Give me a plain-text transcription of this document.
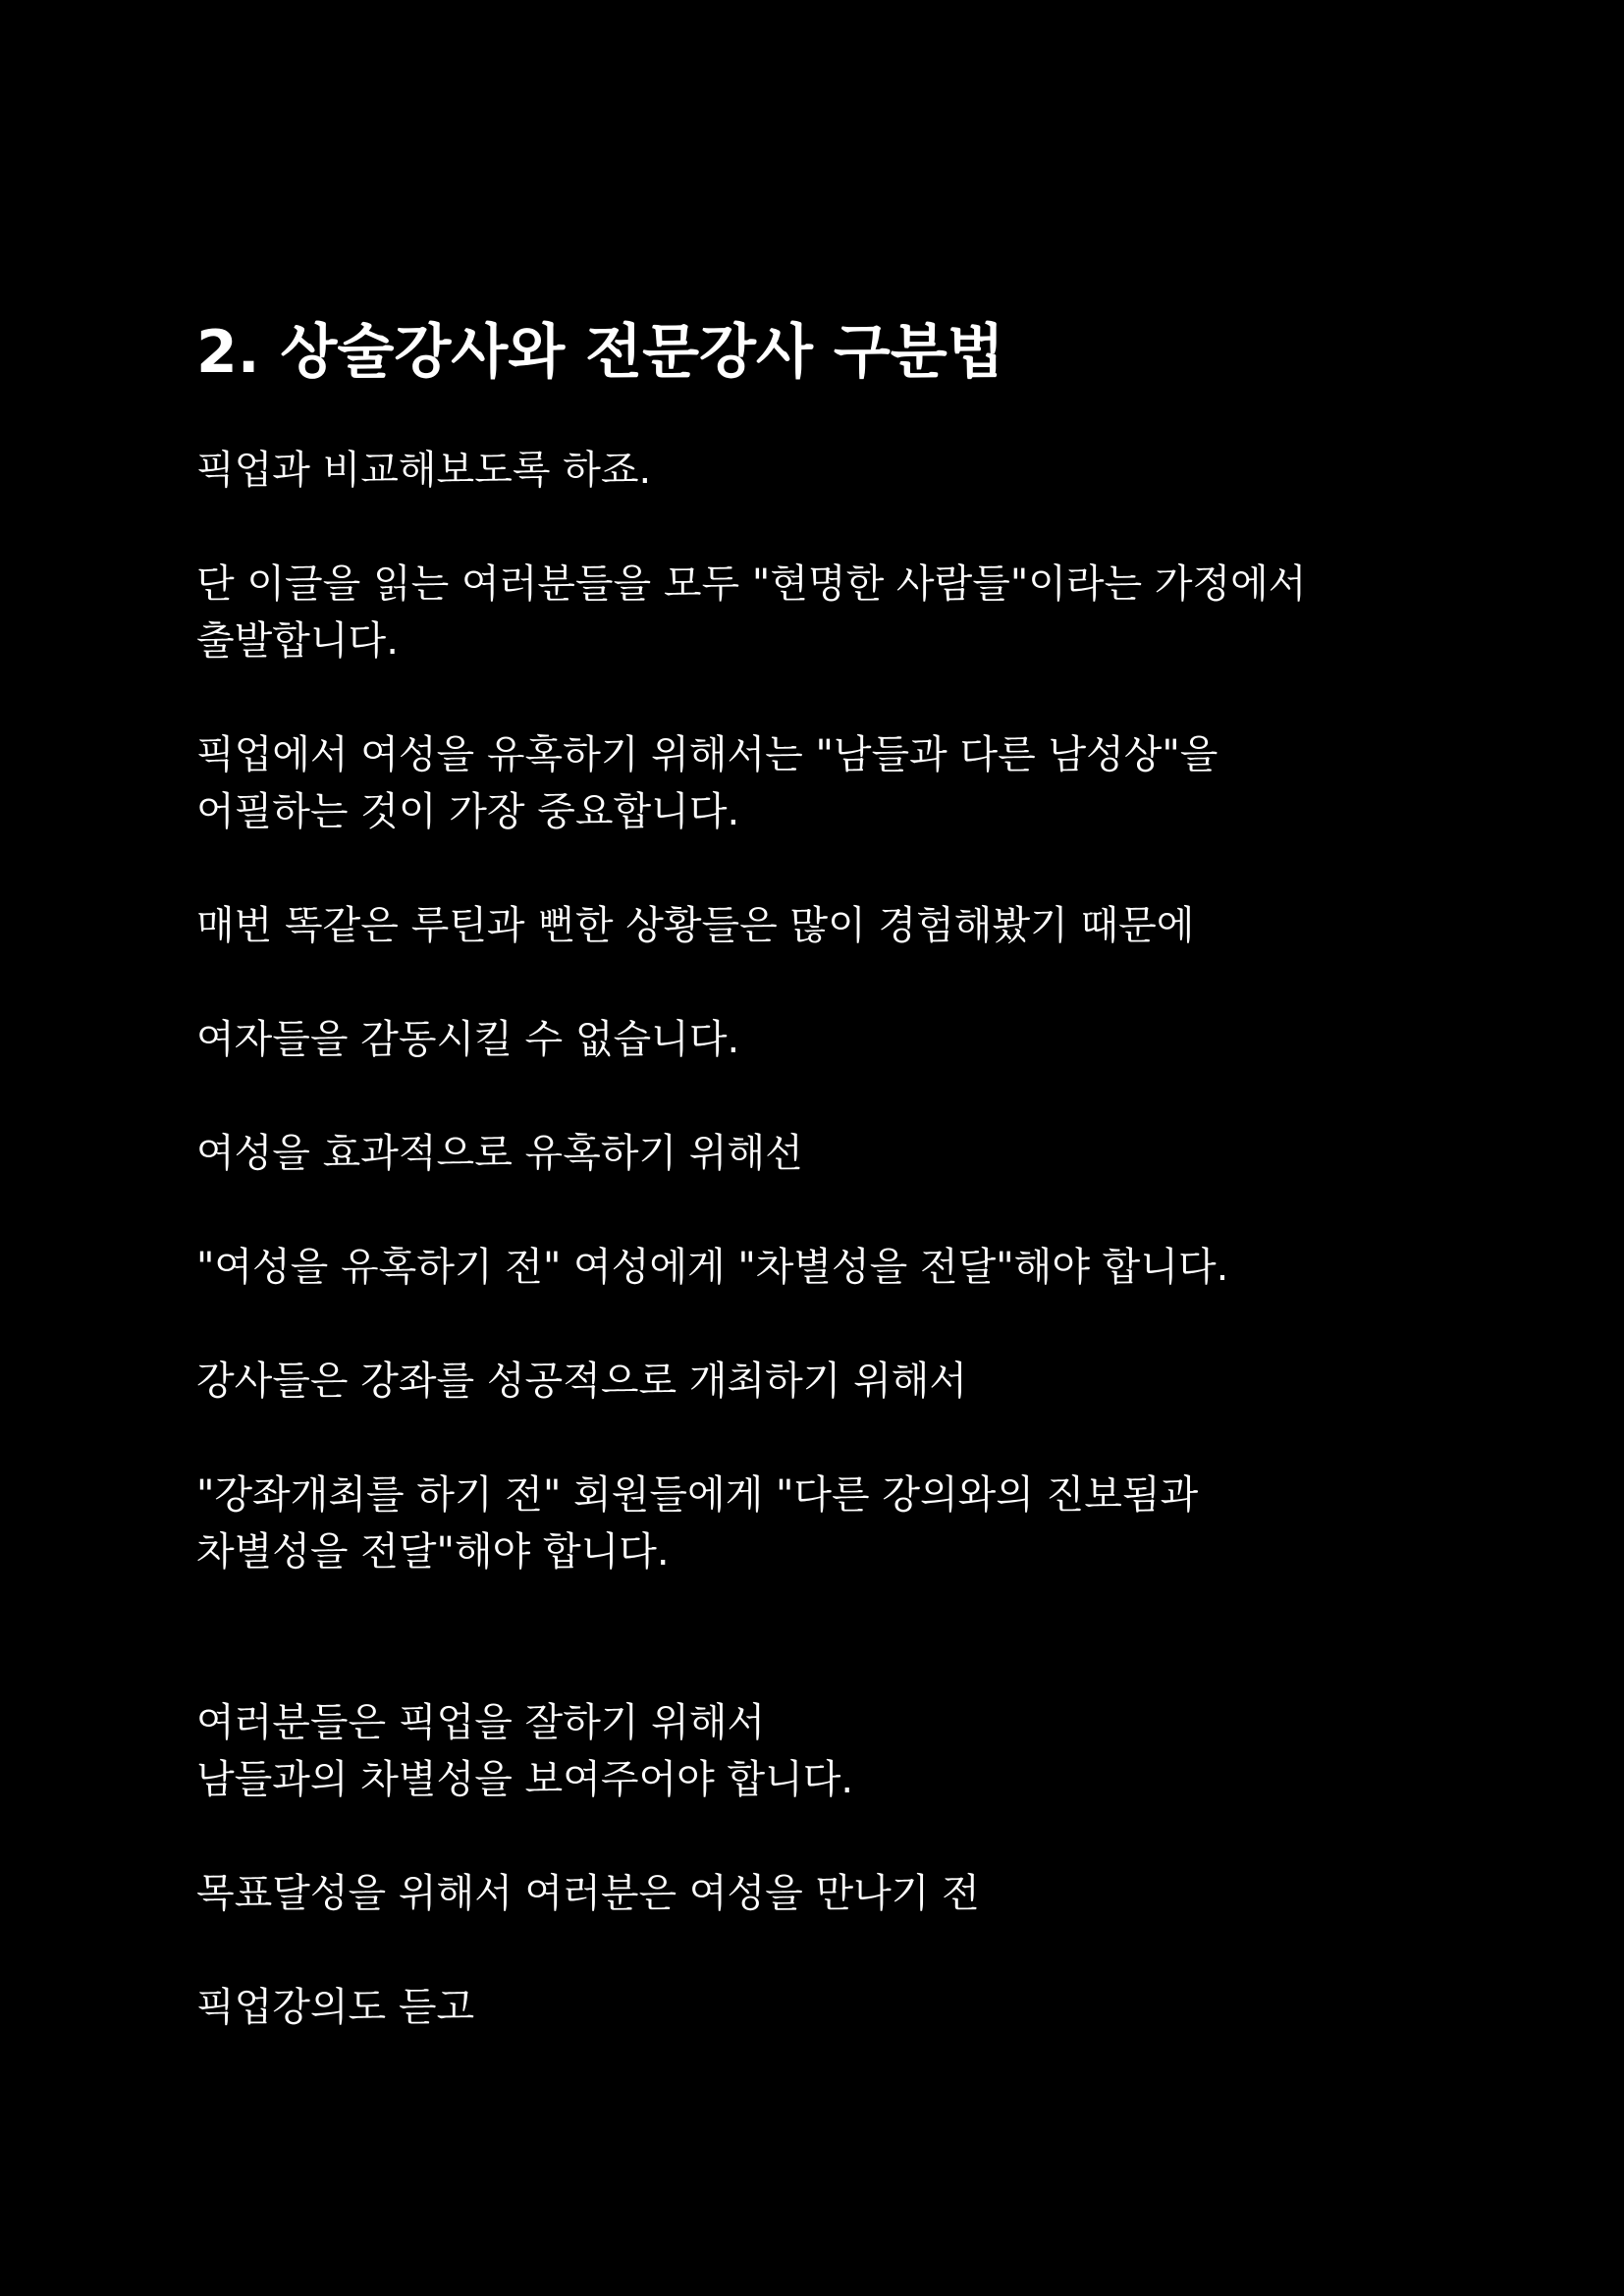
2. 상술강사와 전문강사 구분법

픽업과 비교해보도록 하죠.

단 이글을 읽는 여러분들을 모두 "현명한 사람들"이라는 가정에서

출발합니다.

픽업에서 여성을 유혹하기 위해서는 "남들과 다른 남성상"을

어필하는 것이 가장 중요합니다.

매번 똑같은 루틴과 뻔한 상황들은 많이 경험해봤기 때문에

여자들을 감동시킬 수 없습니다.

여성을 효과적으로 유혹하기 위해선

"여성을 유혹하기 전" 여성에게 "차별성을 전달"해야 합니다.

강사들은 강좌를 성공적으로 개최하기 위해서

"강좌개최를 하기 전" 회원들에게 "다른 강의와의 진보됨과

차별성을 전달"해야 합니다.

여러분들은 픽업을 잘하기 위해서

남들과의 차별성을 보여주어야 합니다.

목표달성을 위해서 여러분은 여성을 만나기 전

픽업강의도 듣고
